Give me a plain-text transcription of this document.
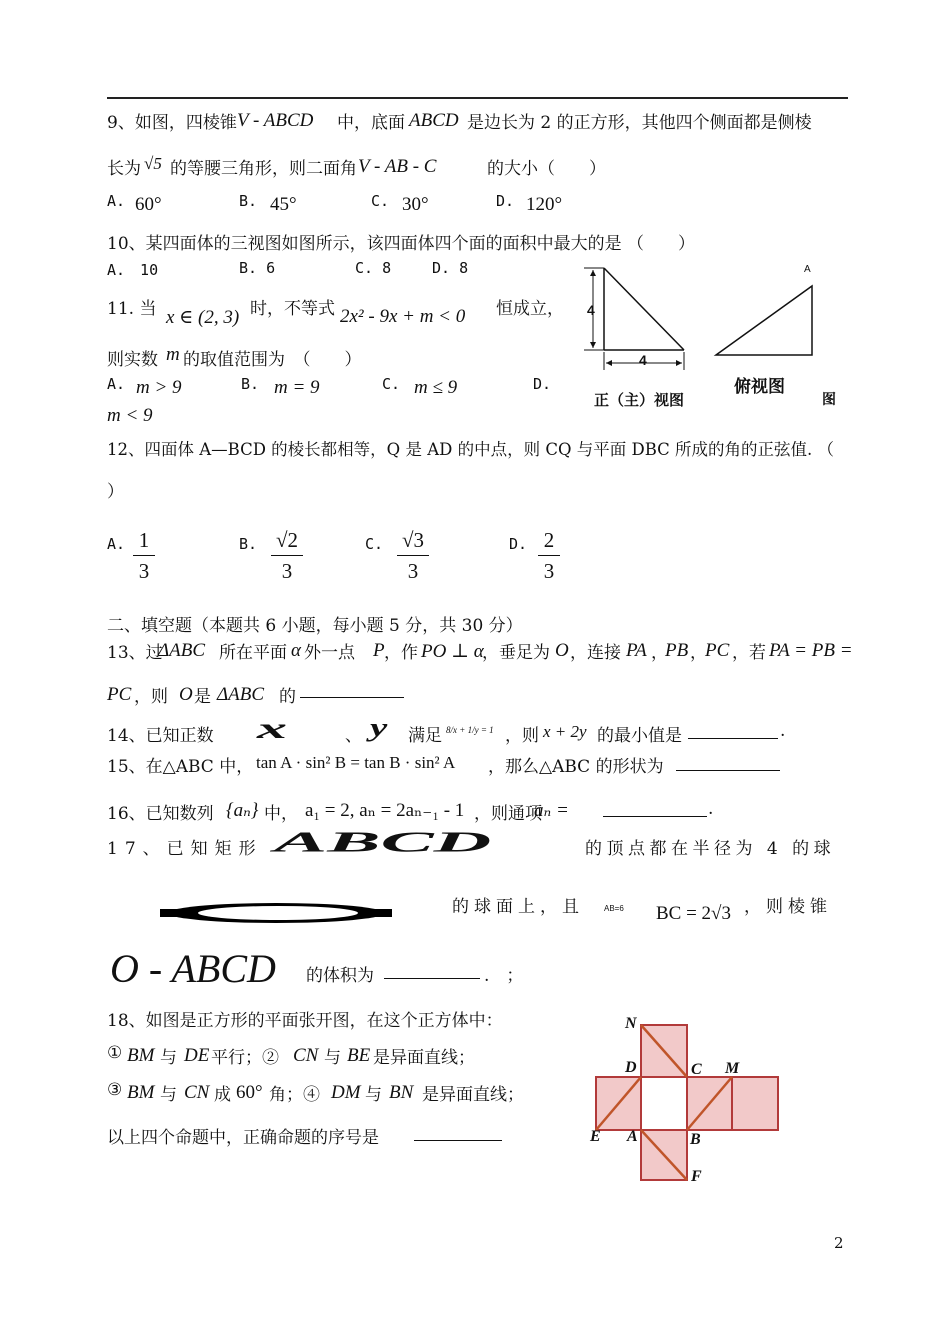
9、如图，四棱锥 V - ABCD 中，底面 ABCD 是边长为 2 的正方形，其他四个侧面都是侧棱
长为 √5 的等腰三角形，则二面角 V - AB - C	的大小（　　）
A. 60°	B. 45°	C. 30°	D. 120°
10、某四面体的三视图如图所示，该四面体四个面的面积中最大的是 （　　）
A.　10	B. 6	C. 8	D. 8
4
4
A
正（主）视图
俯视图
图
11. 当 x ∈ (2, 3) 时，不等式 2x² - 9x + m < 0 恒成立，
则实数 m 的取值范围为　（　　）
A. m > 9	B. m = 9	C. m ≤ 9	D.
m < 9
12、四面体 A—BCD 的棱长都相等，Q 是 AD 的中点，则 CQ 与平面 DBC 所成的角的正弦值. （
）
A. 1
3
B. √2
3
C. √3
3
D. 2
3
二、填空题（本题共 6 小题，每小题 5 分，共 30 分）
13、过
ΔABC 所在平面 α 外一点 P ，作 PO ⊥ α
，垂足为 O ，连接 PA ，
PB ，
PC ，若 PA = PB =
PC ，则 O 是 ΔABC 的
14、已知正数 x	、 y 满足 8/x + 1/y = 1 ，则 x + 2y 的最小值是	.
15、在△ABC 中， tan A · sin² B = tan B · sin² A ，那么△ABC 的形状为
16、已知数列 {aₙ} 中， a₁ = 2, aₙ = 2aₙ₋₁ - 1 ，则通项
aₙ =	.
17、已知矩形 ABCD	的顶点都在半径为 4 的球
的球面上，且	AB=6 BC = 2√3 ，则棱锥
O - ABCD 的体积为	.　；
18、如图是正方形的平面张开图，在这个正方体中：
① BM 与 DE 平行；② CN 与 BE 是异面直线；
③ BM 与 CN 成 60° 角；④ DM 与 BN 是异面直线；
以上四个命题中，正确命题的序号是
N
D	C M
E A	B
F
2
